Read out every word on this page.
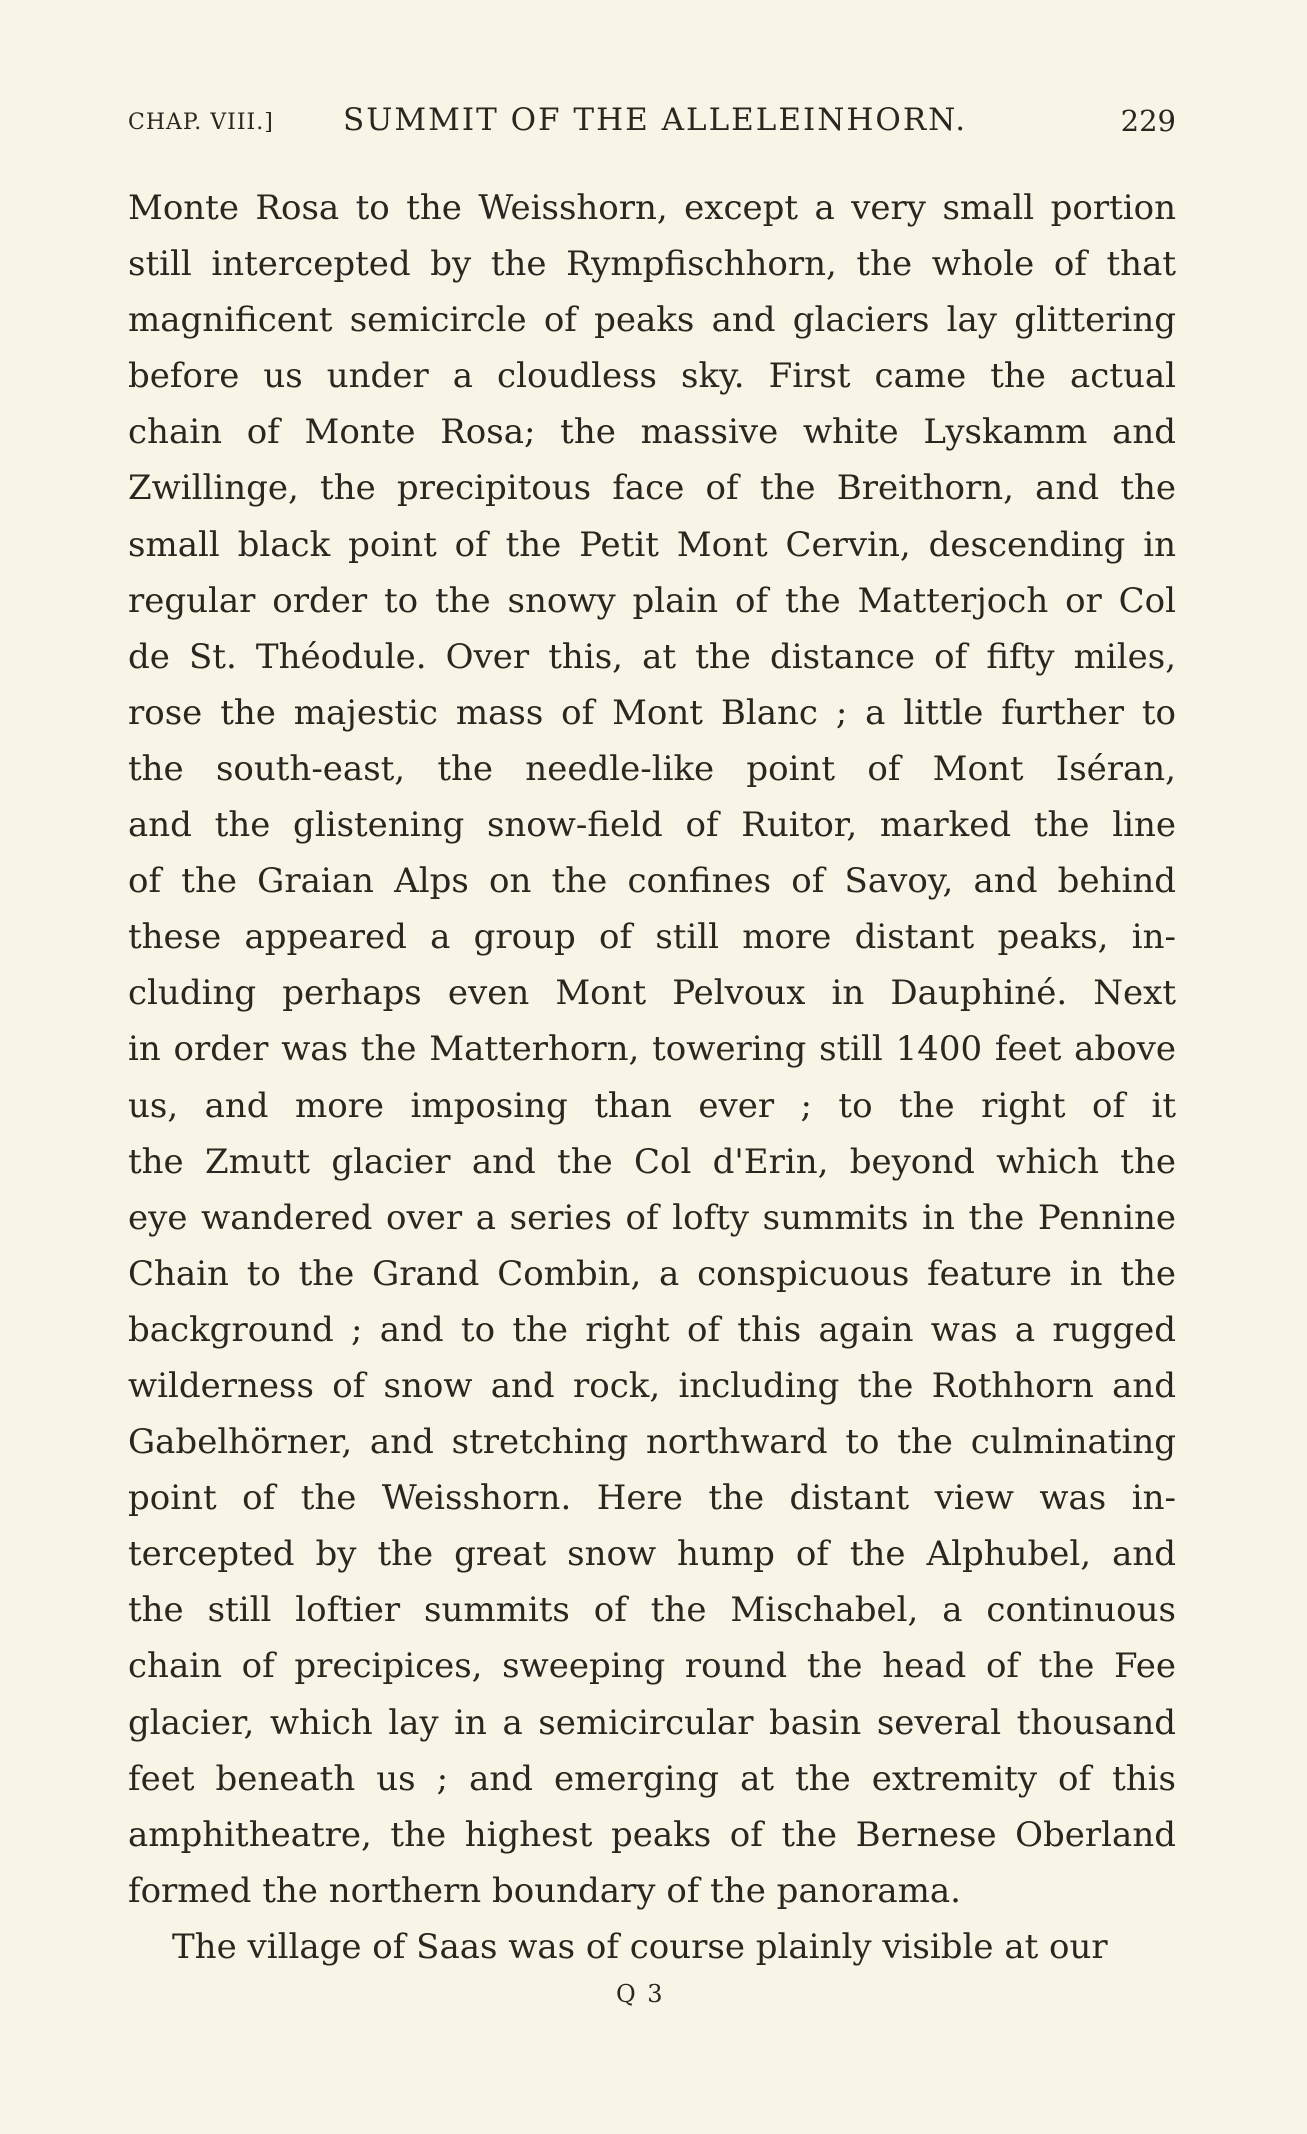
CHAP. VIII.] SUMMIT OF THE ALLELEINHORN.	229
Monte Rosa to the Weisshorn, except a very small portion
still intercepted by the Rympfischhorn, the whole of that
magnificent semicircle of peaks and glaciers lay glittering
before us under a cloudless sky. First came the actual
chain of Monte Rosa; the massive white Lyskamm and
Zwillinge, the precipitous face of the Breithorn, and the
small black point of the Petit Mont Cervin, descending in
regular order to the snowy plain of the Matterjoch or Col
de St. Théodule. Over this, at the distance of fifty miles,
rose the majestic mass of Mont Blanc ; a little further to
the south-east, the needle-like point of Mont Iséran,
and the glistening snow-field of Ruitor, marked the line
of the Graian Alps on the confines of Savoy, and behind
these appeared a group of still more distant peaks, in-
cluding perhaps even Mont Pelvoux in Dauphiné. Next
in order was the Matterhorn, towering still 1400 feet above
us, and more imposing than ever ; to the right of it
the Zmutt glacier and the Col d'Erin, beyond which the
eye wandered over a series of lofty summits in the Pennine
Chain to the Grand Combin, a conspicuous feature in the
background ; and to the right of this again was a rugged
wilderness of snow and rock, including the Rothhorn and
Gabelhörner, and stretching northward to the culminating
point of the Weisshorn. Here the distant view was in-
tercepted by the great snow hump of the Alphubel, and
the still loftier summits of the Mischabel, a continuous
chain of precipices, sweeping round the head of the Fee
glacier, which lay in a semicircular basin several thousand
feet beneath us ; and emerging at the extremity of this
amphitheatre, the highest peaks of the Bernese Oberland
formed the northern boundary of the panorama.
The village of Saas was of course plainly visible at our
Q 3
